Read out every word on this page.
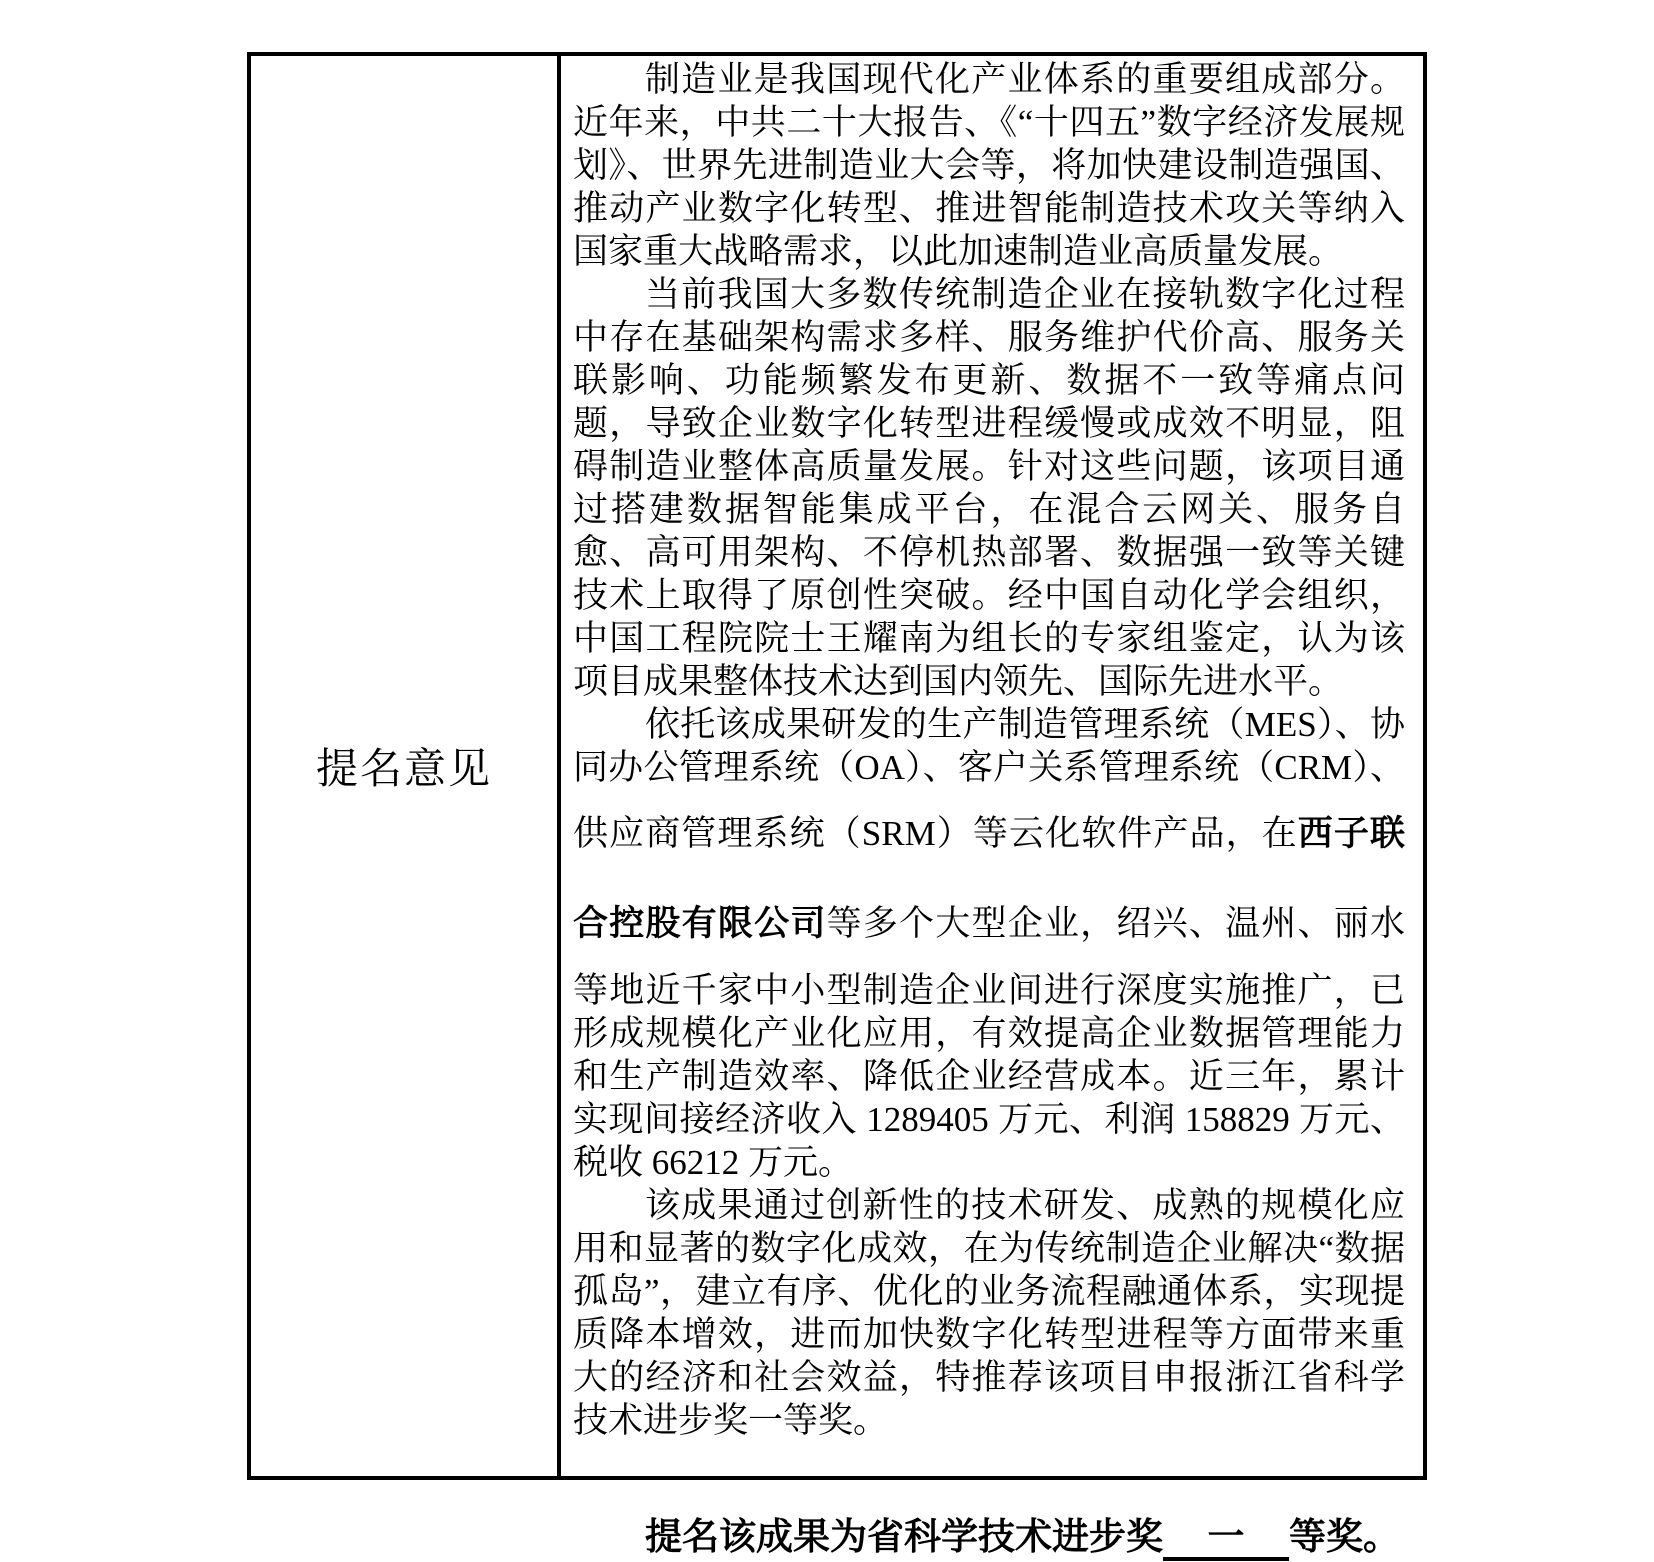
提名意见

制造业是我国现代化产业体系的重要组成部分。近年来，中共二十大报告、《“十四五”数字经济发展规划》、世界先进制造业大会等，将加快建设制造强国、推动产业数字化转型、推进智能制造技术攻关等纳入国家重大战略需求，以此加速制造业高质量发展。

当前我国大多数传统制造企业在接轨数字化过程中存在基础架构需求多样、服务维护代价高、服务关联影响、功能频繁发布更新、数据不一致等痛点问题，导致企业数字化转型进程缓慢或成效不明显，阻碍制造业整体高质量发展。针对这些问题，该项目通过搭建数据智能集成平台，在混合云网关、服务自愈、高可用架构、不停机热部署、数据强一致等关键技术上取得了原创性突破。经中国自动化学会组织，中国工程院院士王耀南为组长的专家组鉴定，认为该项目成果整体技术达到国内领先、国际先进水平。

依托该成果研发的生产制造管理系统（MES）、协同办公管理系统（OA）、客户关系管理系统（CRM）、供应商管理系统（SRM）等云化软件产品，在西子联合控股有限公司等多个大型企业，绍兴、温州、丽水等地近千家中小型制造企业间进行深度实施推广，已形成规模化产业化应用，有效提高企业数据管理能力和生产制造效率、降低企业经营成本。近三年，累计实现间接经济收入 1289405 万元、利润 158829 万元、税收 66212 万元。

该成果通过创新性的技术研发、成熟的规模化应用和显著的数字化成效，在为传统制造企业解决“数据孤岛”，建立有序、优化的业务流程融通体系，实现提质降本增效，进而加快数字化转型进程等方面带来重大的经济和社会效益，特推荐该项目申报浙江省科学技术进步奖一等奖。

提名该成果为省科学技术进步奖 一 等奖。
